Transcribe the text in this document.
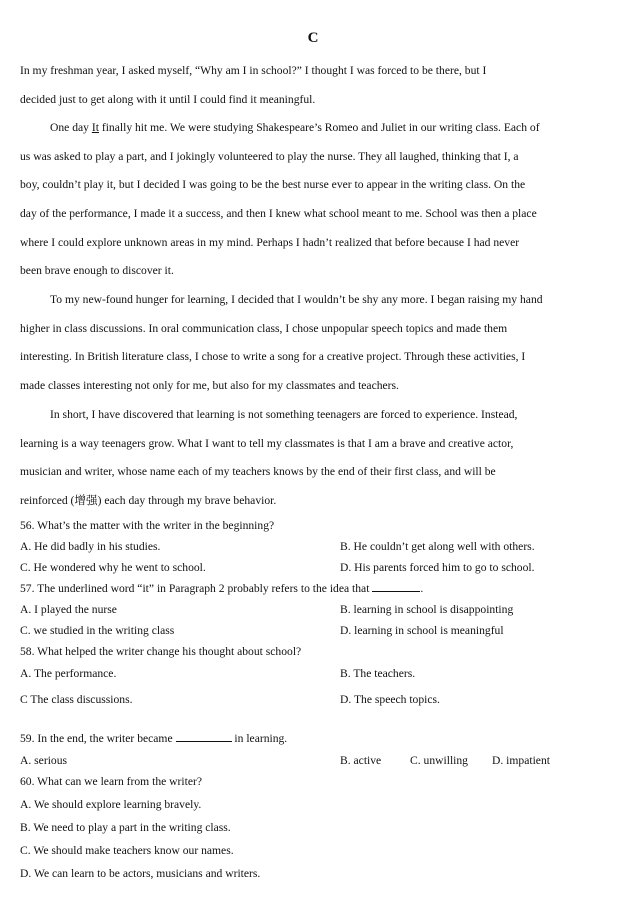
C
In my freshman year, I asked myself, “Why am I in school?” I thought I was forced to be there, but I
decided just to get along with it until I could find it meaningful.
One day It finally hit me. We were studying Shakespeare’s Romeo and Juliet in our writing class. Each of
us was asked to play a part, and I jokingly volunteered to play the nurse. They all laughed, thinking that I, a
boy, couldn’t play it, but I decided I was going to be the best nurse ever to appear in the writing class. On the
day of the performance, I made it a success, and then I knew what school meant to me. School was then a place
where I could explore unknown areas in my mind. Perhaps I hadn’t realized that before because I had never
been brave enough to discover it.
To my new-found hunger for learning, I decided that I wouldn’t be shy any more. I began raising my hand
higher in class discussions. In oral communication class, I chose unpopular speech topics and made them
interesting. In British literature class, I chose to write a song for a creative project. Through these activities, I
made classes interesting not only for me, but also for my classmates and teachers.
In short, I have discovered that learning is not something teenagers are forced to experience. Instead,
learning is a way teenagers grow. What I want to tell my classmates is that I am a brave and creative actor,
musician and writer, whose name each of my teachers knows by the end of their first class, and will be
reinforced (增强) each day through my brave behavior.
56. What’s the matter with the writer in the beginning?
A. He did badly in his studies.	B. He couldn’t get along well with others.
C. He wondered why he went to school.	D. His parents forced him to go to school.
57. The underlined word “it” in Paragraph 2 probably refers to the idea that	.
A. I played the nurse	B. learning in school is disappointing
C. we studied in the writing class	D. learning in school is meaningful
58. What helped the writer change his thought about school?
A. The performance.	B. The teachers.
C The class discussions.	D. The speech topics.
59. In the end, the writer became	in learning.
A. serious	B. active C. unwilling D. impatient
60. What can we learn from the writer?
A. We should explore learning bravely.
B. We need to play a part in the writing class.
C. We should make teachers know our names.
D. We can learn to be actors, musicians and writers.
